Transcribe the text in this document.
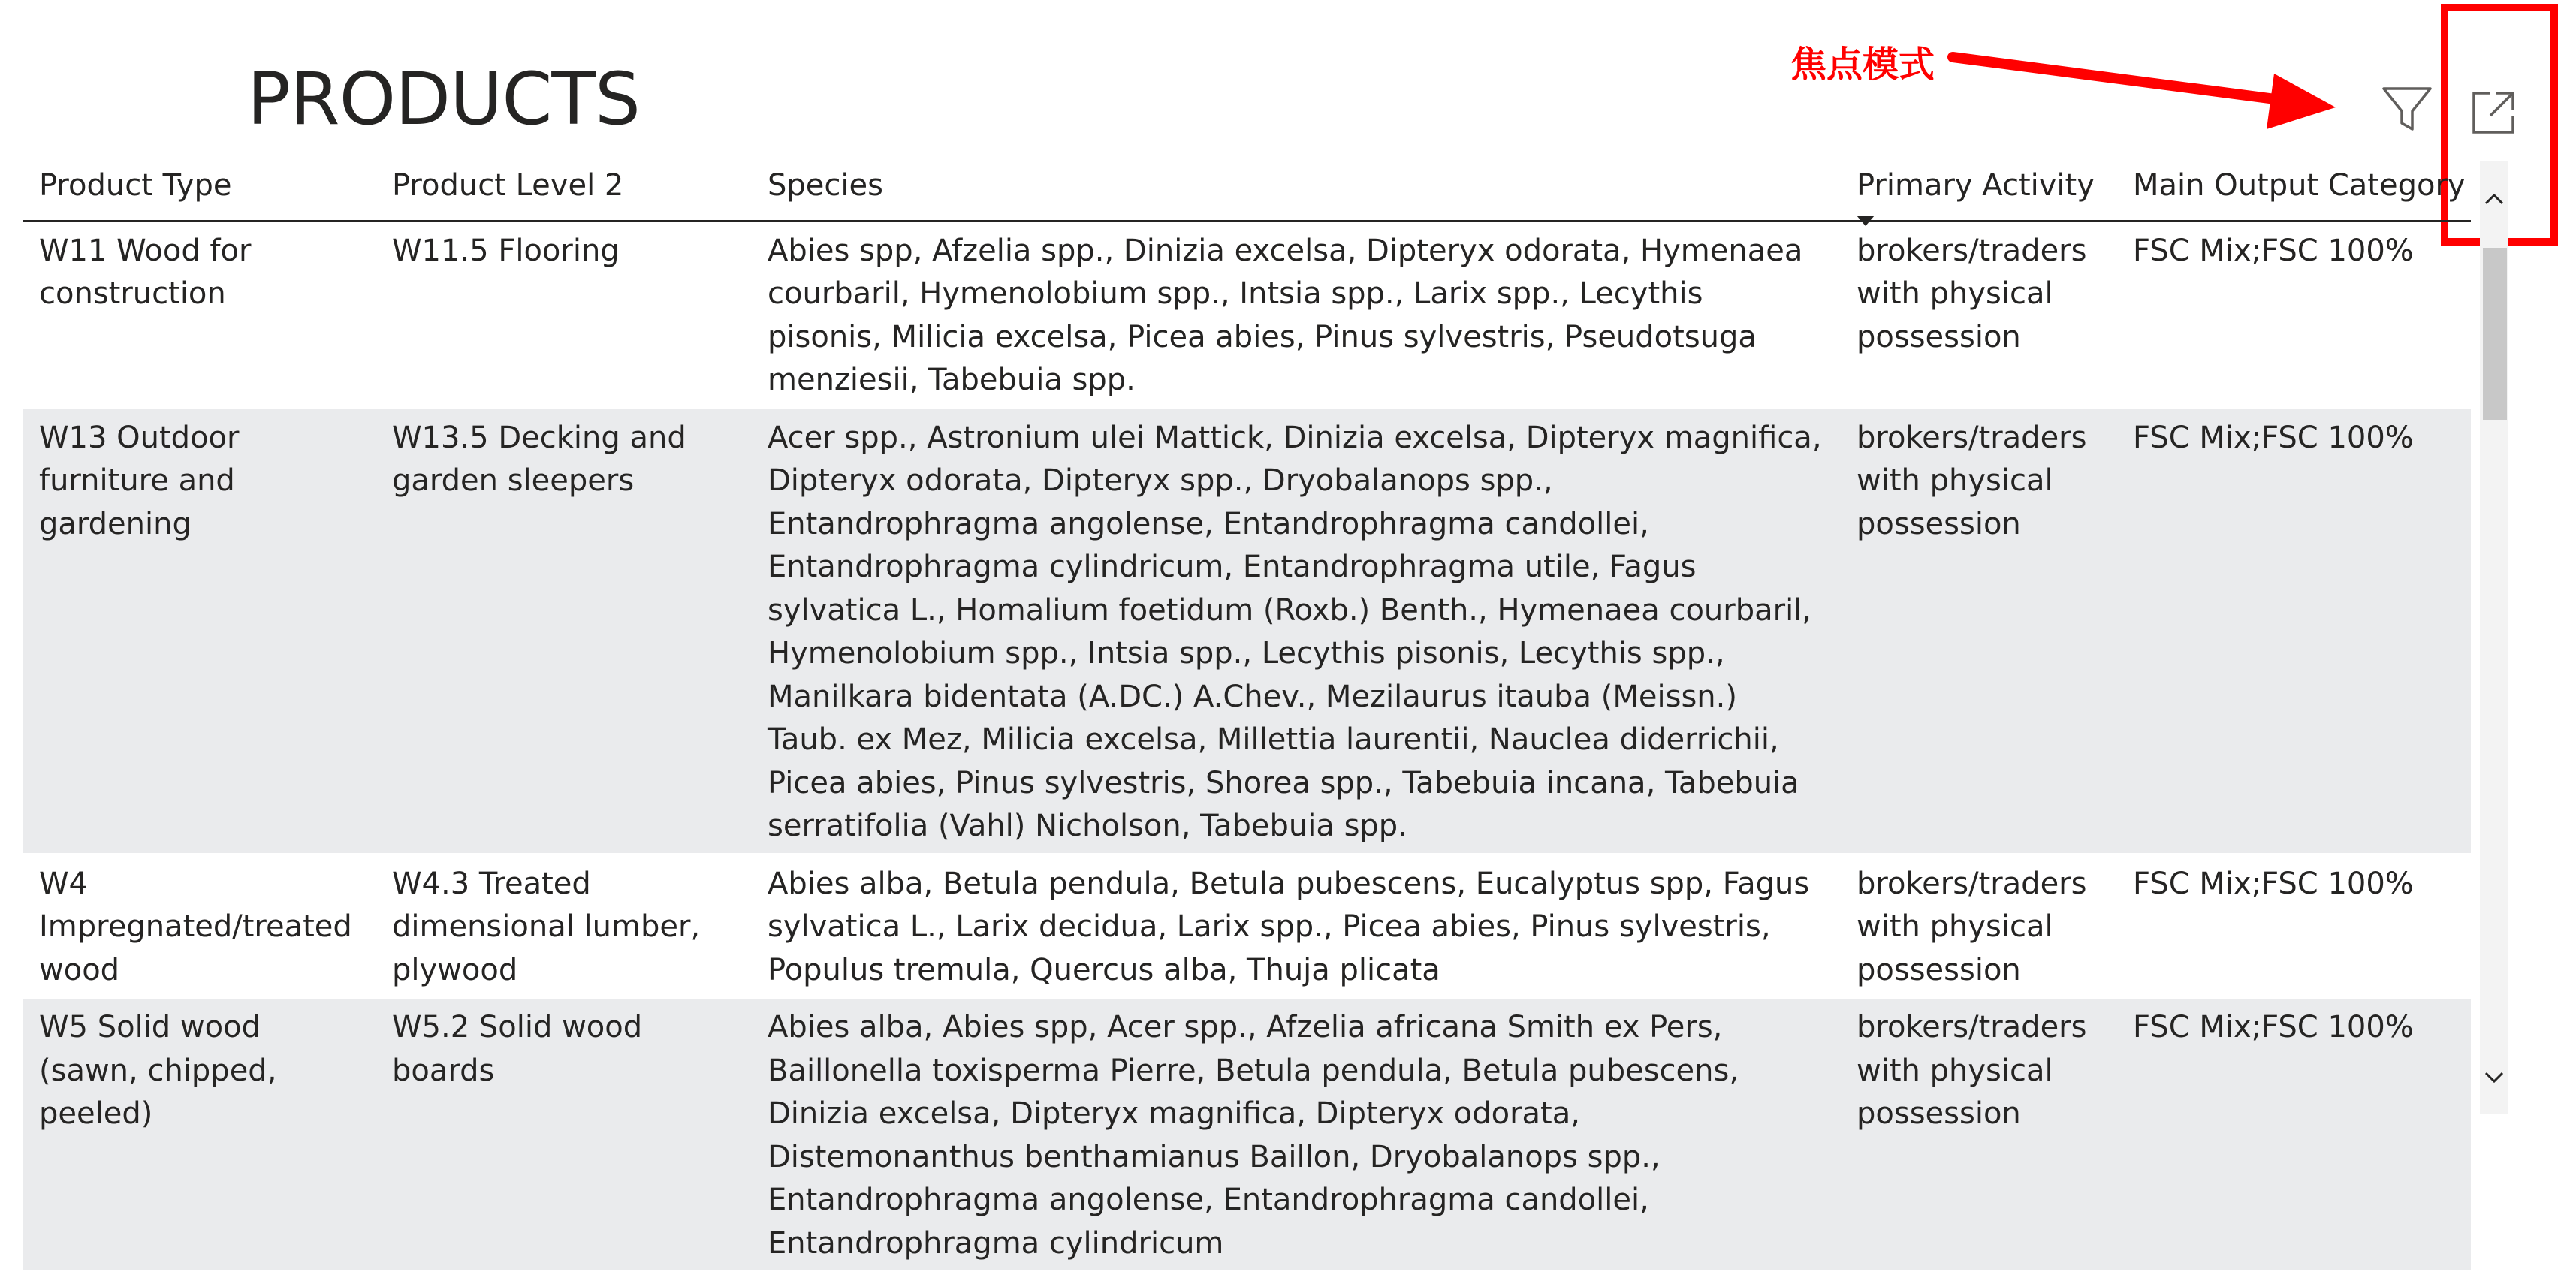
PRODUCTS	焦点模式
Product Type	Product Level 2	Species	Primary Activity	Main Output Category
W11 Wood for construction	W11.5 Flooring	Abies spp, Afzelia spp., Dinizia excelsa, Dipteryx odorata, Hymenaea courbaril, Hymenolobium spp., Intsia spp., Larix spp., Lecythis pisonis, Milicia excelsa, Picea abies, Pinus sylvestris, Pseudotsuga menziesii, Tabebuia spp.	brokers/traders with physical possession	FSC Mix;FSC 100%
W13 Outdoor furniture and gardening	W13.5 Decking and garden sleepers	Acer spp., Astronium ulei Mattick, Dinizia excelsa, Dipteryx magnifica, Dipteryx odorata, Dipteryx spp., Dryobalanops spp., Entandrophragma angolense, Entandrophragma candollei, Entandrophragma cylindricum, Entandrophragma utile, Fagus sylvatica L., Homalium foetidum (Roxb.) Benth., Hymenaea courbaril, Hymenolobium spp., Intsia spp., Lecythis pisonis, Lecythis spp., Manilkara bidentata (A.DC.) A.Chev., Mezilaurus itauba (Meissn.) Taub. ex Mez, Milicia excelsa, Millettia laurentii, Nauclea diderrichii, Picea abies, Pinus sylvestris, Shorea spp., Tabebuia incana, Tabebuia serratifolia (Vahl) Nicholson, Tabebuia spp.	brokers/traders with physical possession	FSC Mix;FSC 100%
W4 Impregnated/treated wood	W4.3 Treated dimensional lumber, plywood	Abies alba, Betula pendula, Betula pubescens, Eucalyptus spp, Fagus sylvatica L., Larix decidua, Larix spp., Picea abies, Pinus sylvestris, Populus tremula, Quercus alba, Thuja plicata	brokers/traders with physical possession	FSC Mix;FSC 100%
W5 Solid wood (sawn, chipped, peeled)	W5.2 Solid wood boards	Abies alba, Abies spp, Acer spp., Afzelia africana Smith ex Pers, Baillonella toxisperma Pierre, Betula pendula, Betula pubescens, Dinizia excelsa, Dipteryx magnifica, Dipteryx odorata, Distemonanthus benthamianus Baillon, Dryobalanops spp., Entandrophragma angolense, Entandrophragma candollei, Entandrophragma cylindricum	brokers/traders with physical possession	FSC Mix;FSC 100%
